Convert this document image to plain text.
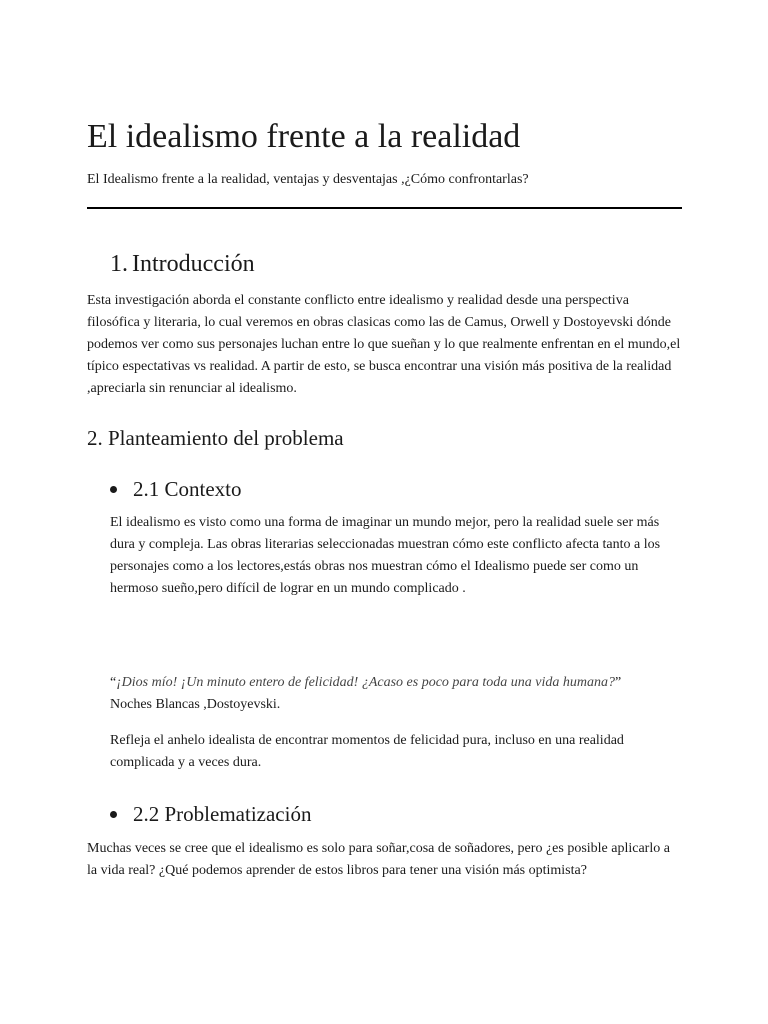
El idealismo frente a la realidad

El Idealismo frente a la realidad, ventajas y desventajas ,¿Cómo confrontarlas?

1. Introducción

Esta investigación aborda el constante conflicto entre idealismo y realidad desde una perspectiva filosófica y literaria, lo cual veremos en obras clasicas como las de Camus, Orwell y Dostoyevski dónde podemos ver como sus personajes luchan entre lo que sueñan y lo que realmente enfrentan en el mundo,el típico espectativas vs realidad. A partir de esto, se busca encontrar una visión más positiva de la realidad ,apreciarla sin renunciar al idealismo.

2. Planteamiento del problema
2.1 Contexto

El idealismo es visto como una forma de imaginar un mundo mejor, pero la realidad suele ser más dura y compleja. Las obras literarias seleccionadas muestran cómo este conflicto afecta tanto a los personajes como a los lectores,estás obras nos muestran cómo el Idealismo puede ser como un hermoso sueño,pero difícil de lograr en un mundo complicado .

“¡Dios mío! ¡Un minuto entero de felicidad! ¿Acaso es poco para toda una vida humana?”
Noches Blancas ,Dostoyevski.

Refleja el anhelo idealista de encontrar momentos de felicidad pura, incluso en una realidad complicada y a veces dura.

2.2 Problematización

Muchas veces se cree que el idealismo es solo para soñar,cosa de soñadores, pero ¿es posible aplicarlo a la vida real? ¿Qué podemos aprender de estos libros para tener una visión más optimista?
